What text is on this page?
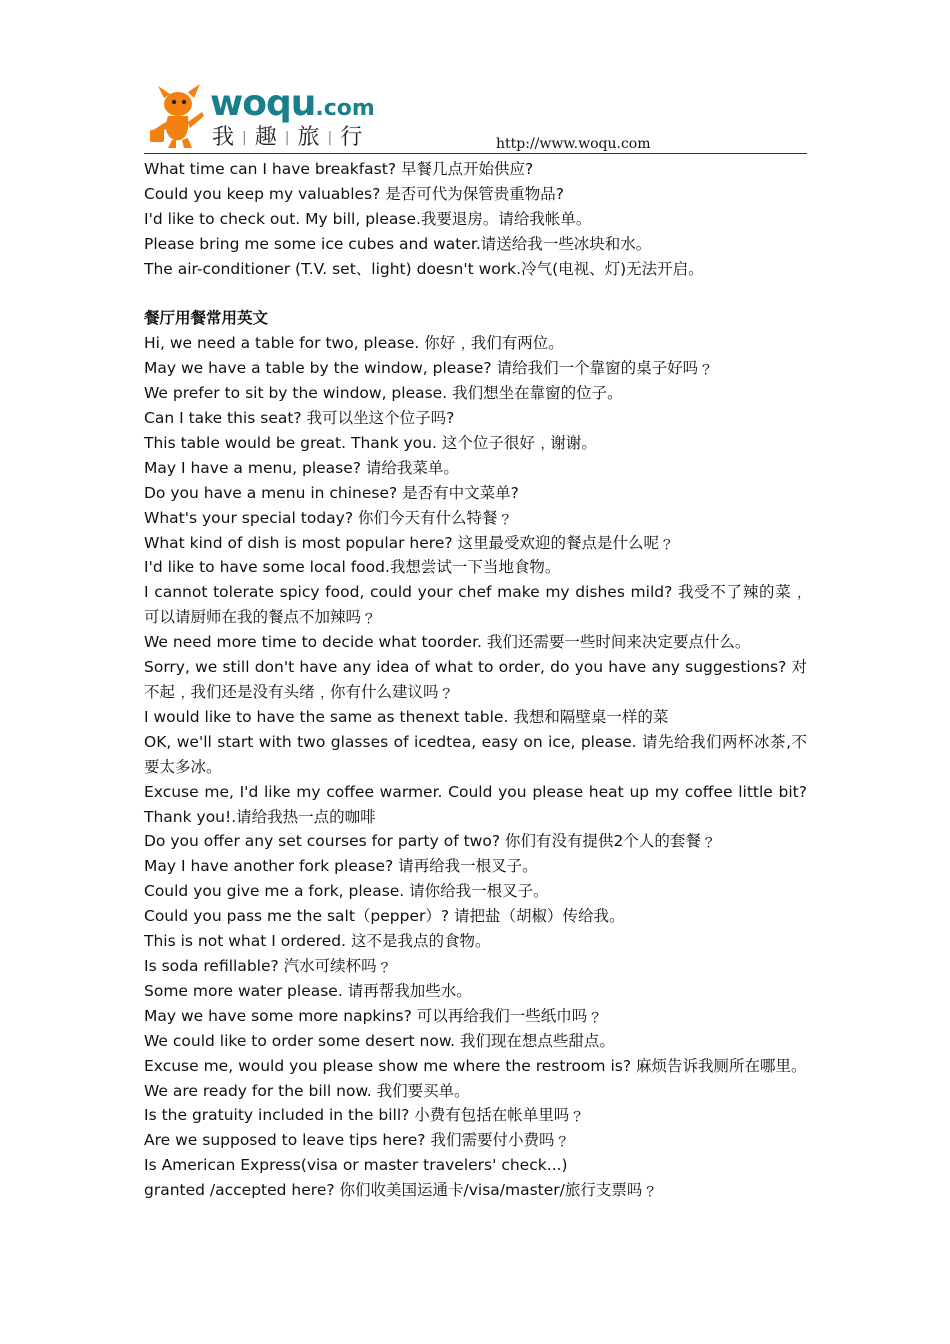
woqu.com
我 | 趣 | 旅 | 行	http://www.woqu.com
What time can I have breakfast? 早餐几点开始供应?
Could you keep my valuables? 是否可代为保管贵重物品?
I'd like to check out. My bill, please.我要退房。请给我帐单。
Please bring me some ice cubes and water.请送给我一些冰块和水。
The air-conditioner (T.V. set、light) doesn't work.冷气(电视、灯)无法开启。
餐厅用餐常用英文
Hi, we need a table for two, please. 你好﹐我们有两位。
May we have a table by the window, please? 请给我们一个靠窗的桌子好吗﹖
We prefer to sit by the window, please. 我们想坐在靠窗的位子。
Can I take this seat? 我可以坐这个位子吗?
This table would be great. Thank you. 这个位子很好﹐谢谢。
May I have a menu, please? 请给我菜单。
Do you have a menu in chinese? 是否有中文菜单?
What's your special today? 你们今天有什么特餐﹖
What kind of dish is most popular here? 这里最受欢迎的餐点是什么呢﹖
I'd like to have some local food.我想尝试一下当地食物。
I cannot tolerate spicy food, could your chef make my dishes mild? 我受不了辣的菜﹐可以请厨师在我的餐点不加辣吗﹖
We need more time to decide what toorder. 我们还需要一些时间来决定要点什么。
Sorry, we still don't have any idea of what to order, do you have any suggestions? 对不起﹐我们还是没有头绪﹐你有什么建议吗﹖
I would like to have the same as thenext table. 我想和隔壁桌一样的菜
OK, we'll start with two glasses of icedtea, easy on ice, please. 请先给我们两杯冰茶,不要太多冰。
Excuse me, I'd like my coffee warmer. Could you please heat up my coffee little bit? Thank you!.请给我热一点的咖啡
Do you offer any set courses for party of two? 你们有没有提供2个人的套餐﹖
May I have another fork please? 请再给我一根叉子。
Could you give me a fork, please. 请你给我一根叉子。
Could you pass me the salt（pepper）? 请把盐（胡椒）传给我。
This is not what I ordered. 这不是我点的食物。
Is soda refillable? 汽水可续杯吗﹖
Some more water please. 请再帮我加些水。
May we have some more napkins? 可以再给我们一些纸巾吗﹖
We could like to order some desert now. 我们现在想点些甜点。
Excuse me, would you please show me where the restroom is? 麻烦告诉我厕所在哪里。
We are ready for the bill now. 我们要买单。
Is the gratuity included in the bill? 小费有包括在帐单里吗﹖
Are we supposed to leave tips here? 我们需要付小费吗﹖
Is American Express(visa or master travelers' check...)
granted /accepted here? 你们收美国运通卡/visa/master/旅行支票吗﹖
